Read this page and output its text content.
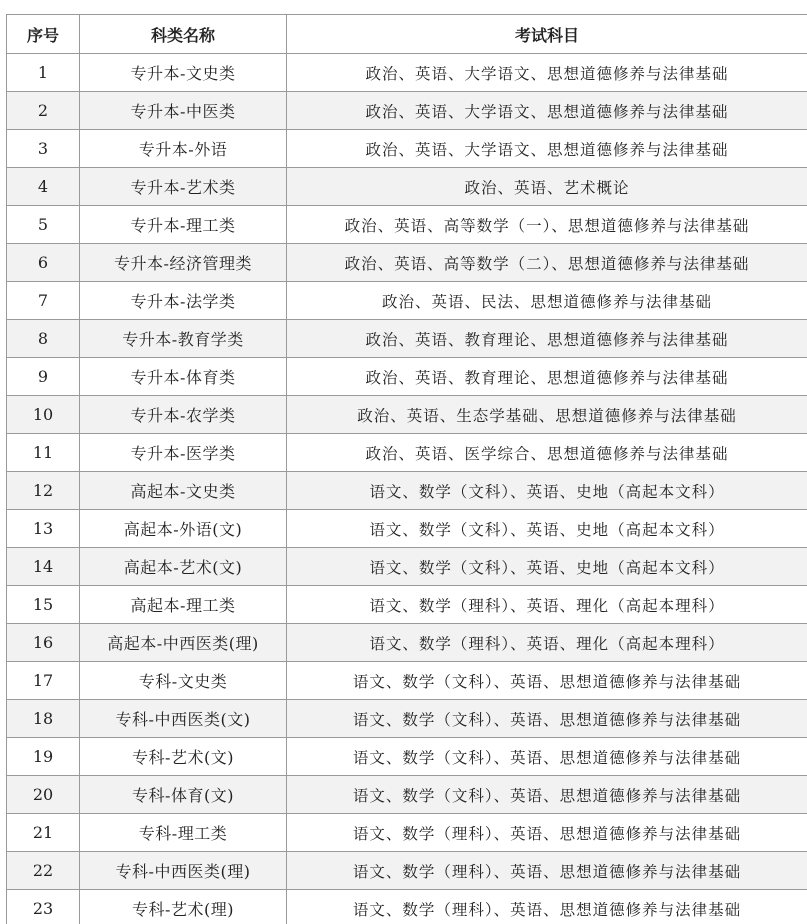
序号	科类名称	考试科目
1	专升本-文史类	政治、英语、大学语文、思想道德修养与法律基础
2	专升本-中医类	政治、英语、大学语文、思想道德修养与法律基础
3	专升本-外语	政治、英语、大学语文、思想道德修养与法律基础
4	专升本-艺术类	政治、英语、艺术概论
5	专升本-理工类	政治、英语、高等数学（一）、思想道德修养与法律基础
6	专升本-经济管理类	政治、英语、高等数学（二）、思想道德修养与法律基础
7	专升本-法学类	政治、英语、民法、思想道德修养与法律基础
8	专升本-教育学类	政治、英语、教育理论、思想道德修养与法律基础
9	专升本-体育类	政治、英语、教育理论、思想道德修养与法律基础
10	专升本-农学类	政治、英语、生态学基础、思想道德修养与法律基础
11	专升本-医学类	政治、英语、医学综合、思想道德修养与法律基础
12	高起本-文史类	语文、数学（文科）、英语、史地（高起本文科）
13	高起本-外语(文)	语文、数学（文科）、英语、史地（高起本文科）
14	高起本-艺术(文)	语文、数学（文科）、英语、史地（高起本文科）
15	高起本-理工类	语文、数学（理科）、英语、理化（高起本理科）
16	高起本-中西医类(理)	语文、数学（理科）、英语、理化（高起本理科）
17	专科-文史类	语文、数学（文科）、英语、思想道德修养与法律基础
18	专科-中西医类(文)	语文、数学（文科）、英语、思想道德修养与法律基础
19	专科-艺术(文)	语文、数学（文科）、英语、思想道德修养与法律基础
20	专科-体育(文)	语文、数学（文科）、英语、思想道德修养与法律基础
21	专科-理工类	语文、数学（理科）、英语、思想道德修养与法律基础
22	专科-中西医类(理)	语文、数学（理科）、英语、思想道德修养与法律基础
23	专科-艺术(理)	语文、数学（理科）、英语、思想道德修养与法律基础
